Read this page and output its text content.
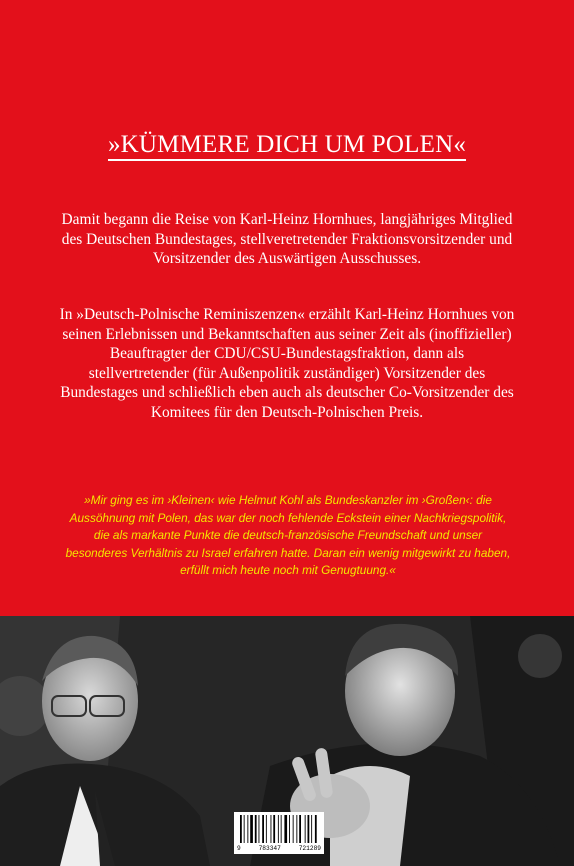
»KÜMMERE DICH UM POLEN«
Damit begann die Reise von Karl-Heinz Hornhues, langjähriges Mitglied des Deutschen Bundestages, stellveretretender Fraktionsvorsitzender und Vorsitzender des Auswärtigen Ausschusses.
In »Deutsch-Polnische Reminiszenzen« erzählt Karl-Heinz Hornhues von seinen Erlebnissen und Bekanntschaften aus seiner Zeit als (inoffizieller) Beauftragter der CDU/CSU-Bundestagsfraktion, dann als stellvertretender (für Außenpolitik zuständiger) Vorsitzender des Bundestages und schließlich eben auch als deutscher Co-Vorsitzender des Komitees für den Deutsch-Polnischen Preis.
»Mir ging es im ›Kleinen‹ wie Helmut Kohl als Bundeskanzler im ›Großen‹: die Aussöhnung mit Polen, das war der noch fehlende Eckstein einer Nachkriegspolitik, die als markante Punkte die deutsch-französische Freundschaft und unser besonderes Verhältnis zu Israel erfahren hatte. Daran ein wenig mitgewirkt zu haben, erfüllt mich heute noch mit Genugtuung.«
9	783347	721289
